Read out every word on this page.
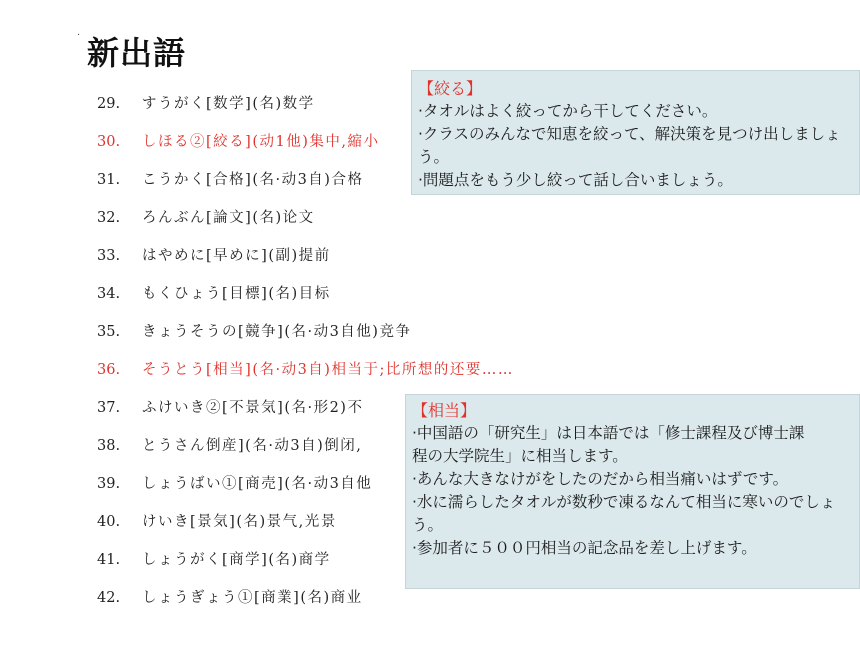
· 新出語
29. すうがく[数学](名)数学
30. しほる②[絞る](动1他)集中,縮小
31. こうかく[合格](名·动3自)合格
32. ろんぶん[論文](名)论文
33. はやめに[早めに](副)提前
34. もくひょう[目標](名)目标
35. きょうそうの[競争](名·动3自他)竞争
36. そうとう[相当](名·动3自)相当于;比所想的还要……
37. ふけいき②[不景気](名·形2)不
38. とうさん倒産](名·动3自)倒闭,
39. しょうばい①[商売](名·动3自他
40. けいき[景気](名)景气,光景
41. しょうがく[商学](名)商学
42. しょうぎょう①[商業](名)商业
【絞る】
·タオルはよく絞ってから干してください。
·クラスのみんなで知恵を絞って、解決策を見つけ出しましょ
う。
·問題点をもう少し絞って話し合いましょう。
【相当】
·中国語の「研究生」は日本語では「修士課程及び博士課
程の大学院生」に相当します。
·あんな大きなけがをしたのだから相当痛いはずです。
·水に濡らしたタオルが数秒で凍るなんて相当に寒いのでしょ
う。
·参加者に５００円相当の記念品を差し上げます。
